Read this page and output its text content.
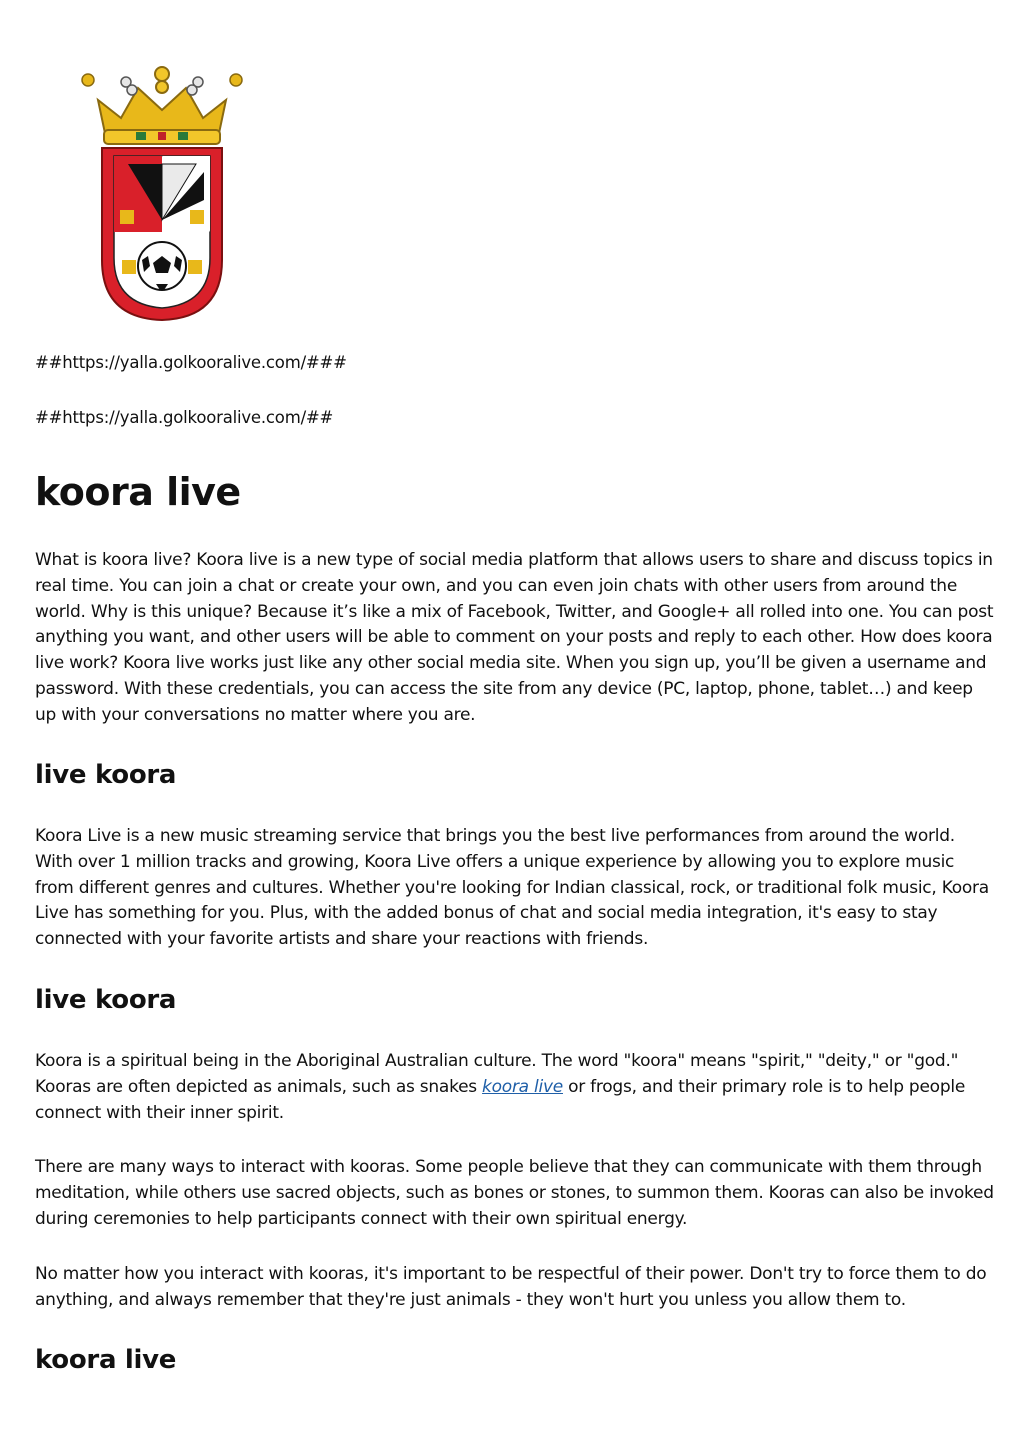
##https://yalla.golkooralive.com/###
##https://yalla.golkooralive.com/##
koora live

What is koora live? Koora live is a new type of social media platform that allows users to share and discuss topics in real time. You can join a chat or create your own, and you can even join chats with other users from around the world. Why is this unique? Because it’s like a mix of Facebook, Twitter, and Google+ all rolled into one. You can post anything you want, and other users will be able to comment on your posts and reply to each other. How does koora live work? Koora live works just like any other social media site. When you sign up, you’ll be given a username and password. With these credentials, you can access the site from any device (PC, laptop, phone, tablet…) and keep up with your conversations no matter where you are.

live koora

Koora Live is a new music streaming service that brings you the best live performances from around the world. With over 1 million tracks and growing, Koora Live offers a unique experience by allowing you to explore music from different genres and cultures. Whether you're looking for Indian classical, rock, or traditional folk music, Koora Live has something for you. Plus, with the added bonus of chat and social media integration, it's easy to stay connected with your favorite artists and share your reactions with friends.

live koora

Koora is a spiritual being in the Aboriginal Australian culture. The word "koora" means "spirit," "deity," or "god." Kooras are often depicted as animals, such as snakes koora live or frogs, and their primary role is to help people connect with their inner spirit.

There are many ways to interact with kooras. Some people believe that they can communicate with them through meditation, while others use sacred objects, such as bones or stones, to summon them. Kooras can also be invoked during ceremonies to help participants connect with their own spiritual energy.

No matter how you interact with kooras, it's important to be respectful of their power. Don't try to force them to do anything, and always remember that they're just animals - they won't hurt you unless you allow them to.

koora live
